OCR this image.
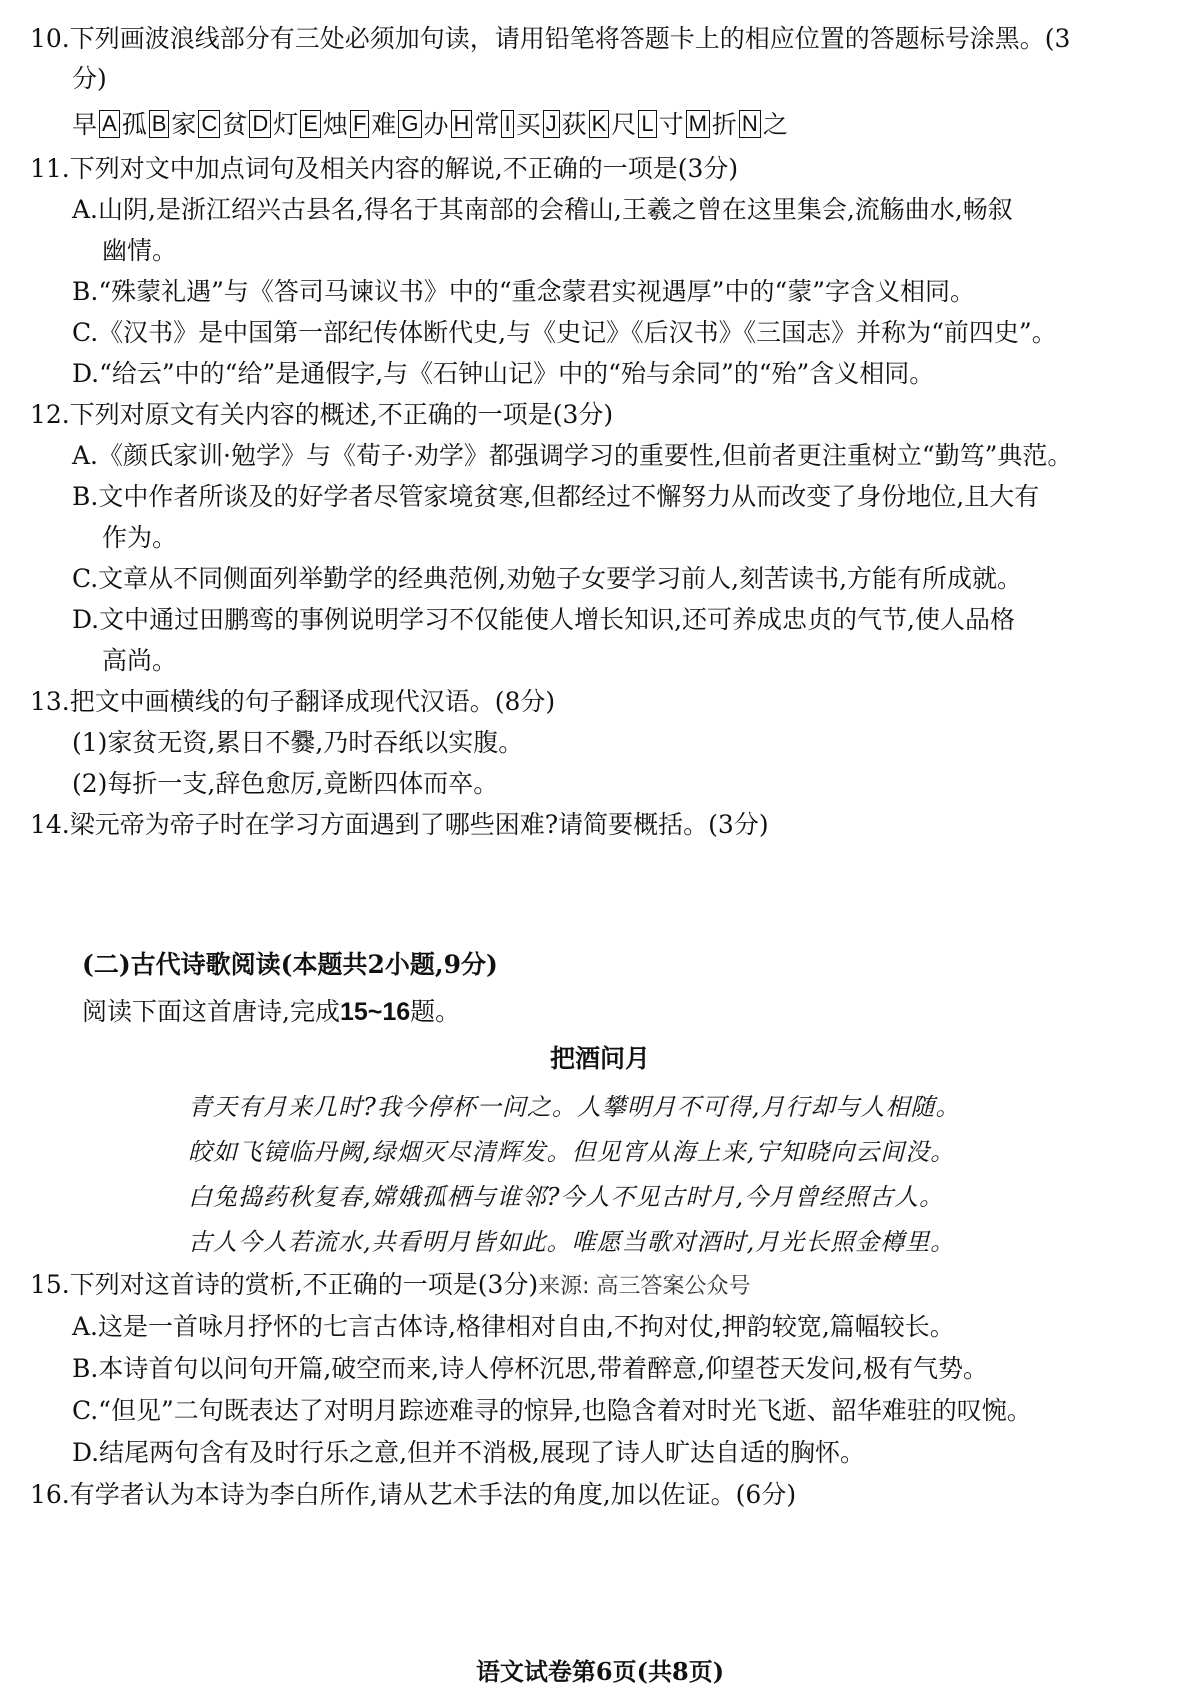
10.下列画波浪线部分有三处必须加句读，请用铅笔将答题卡上的相应位置的答题标号涂黑。(3
分)
早 A 孤 B 家 C 贫 D 灯 E 烛 F 难 G 办 H 常 I 买 J 荻 K 尺 L 寸 M 折 N 之
11.下列对文中加点词句及相关内容的解说,不正确的一项是(3分)
A.山阴,是浙江绍兴古县名,得名于其南部的会稽山,王羲之曾在这里集会,流觞曲水,畅叙
幽情。
B.“殊蒙礼遇”与《答司马谏议书》中的“重念蒙君实视遇厚”中的“蒙”字含义相同。
C.《汉书》是中国第一部纪传体断代史,与《史记》《后汉书》《三国志》并称为“前四史”。
D.“给云”中的“给”是通假字,与《石钟山记》中的“殆与余同”的“殆”含义相同。
12.下列对原文有关内容的概述,不正确的一项是(3分)
A.《颜氏家训·勉学》与《荀子·劝学》都强调学习的重要性,但前者更注重树立“勤笃”典范。
B.文中作者所谈及的好学者尽管家境贫寒,但都经过不懈努力从而改变了身份地位,且大有
作为。
C.文章从不同侧面列举勤学的经典范例,劝勉子女要学习前人,刻苦读书,方能有所成就。
D.文中通过田鹏鸾的事例说明学习不仅能使人增长知识,还可养成忠贞的气节,使人品格
高尚。
13.把文中画横线的句子翻译成现代汉语。(8分)
(1)家贫无资,累日不爨,乃时吞纸以实腹。
(2)每折一支,辞色愈厉,竟断四体而卒。
14.梁元帝为帝子时在学习方面遇到了哪些困难?请简要概括。(3分)
(二)古代诗歌阅读(本题共2小题,9分)
阅读下面这首唐诗,完成15~16题。
把酒问月
青天有月来几时?我今停杯一问之。人攀明月不可得,月行却与人相随。
皎如飞镜临丹阙,绿烟灭尽清辉发。但见宵从海上来,宁知晓向云间没。
白兔捣药秋复春,嫦娥孤栖与谁邻?今人不见古时月,今月曾经照古人。
古人今人若流水,共看明月皆如此。唯愿当歌对酒时,月光长照金樽里。
15.下列对这首诗的赏析,不正确的一项是(3分)来源: 高三答案公众号
A.这是一首咏月抒怀的七言古体诗,格律相对自由,不拘对仗,押韵较宽,篇幅较长。
B.本诗首句以问句开篇,破空而来,诗人停杯沉思,带着醉意,仰望苍天发问,极有气势。
C.“但见”二句既表达了对明月踪迹难寻的惊异,也隐含着对时光飞逝、韶华难驻的叹惋。
D.结尾两句含有及时行乐之意,但并不消极,展现了诗人旷达自适的胸怀。
16.有学者认为本诗为李白所作,请从艺术手法的角度,加以佐证。(6分)
语文试卷第6页(共8页)
